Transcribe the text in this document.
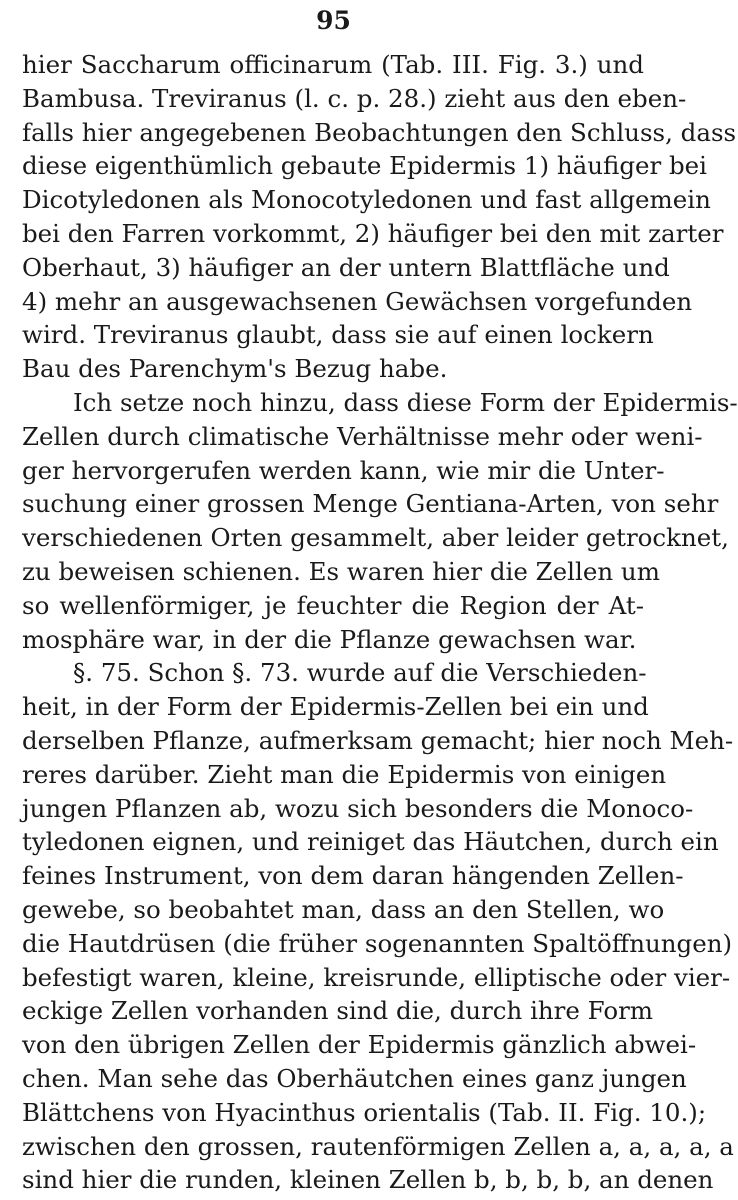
95
hier Saccharum officinarum (Tab. III. Fig. 3.) und
Bambusa. Treviranus (l. c. p. 28.) zieht aus den eben-
falls hier angegebenen Beobachtungen den Schluss, dass
diese eigenthümlich gebaute Epidermis 1) häufiger bei
Dicotyledonen als Monocotyledonen und fast allgemein
bei den Farren vorkommt, 2) häufiger bei den mit zarter
Oberhaut, 3) häufiger an der untern Blattfläche und
4) mehr an ausgewachsenen Gewächsen vorgefunden
wird. Treviranus glaubt, dass sie auf einen lockern
Bau des Parenchym's Bezug habe.
Ich setze noch hinzu, dass diese Form der Epidermis-
Zellen durch climatische Verhältnisse mehr oder weni-
ger hervorgerufen werden kann, wie mir die Unter-
suchung einer grossen Menge Gentiana-Arten, von sehr
verschiedenen Orten gesammelt, aber leider getrocknet,
zu beweisen schienen. Es waren hier die Zellen um
so wellenförmiger, je feuchter die Region der At-
mosphäre war, in der die Pflanze gewachsen war.
§. 75. Schon §. 73. wurde auf die Verschieden-
heit, in der Form der Epidermis-Zellen bei ein und
derselben Pflanze, aufmerksam gemacht; hier noch Meh-
reres darüber. Zieht man die Epidermis von einigen
jungen Pflanzen ab, wozu sich besonders die Monoco-
tyledonen eignen, und reiniget das Häutchen, durch ein
feines Instrument, von dem daran hängenden Zellen-
gewebe, so beobahtet man, dass an den Stellen, wo
die Hautdrüsen (die früher sogenannten Spaltöffnungen)
befestigt waren, kleine, kreisrunde, elliptische oder vier-
eckige Zellen vorhanden sind die, durch ihre Form
von den übrigen Zellen der Epidermis gänzlich abwei-
chen. Man sehe das Oberhäutchen eines ganz jungen
Blättchens von Hyacinthus orientalis (Tab. II. Fig. 10.);
zwischen den grossen, rautenförmigen Zellen a, a, a, a, a
sind hier die runden, kleinen Zellen b, b, b, b, an denen
